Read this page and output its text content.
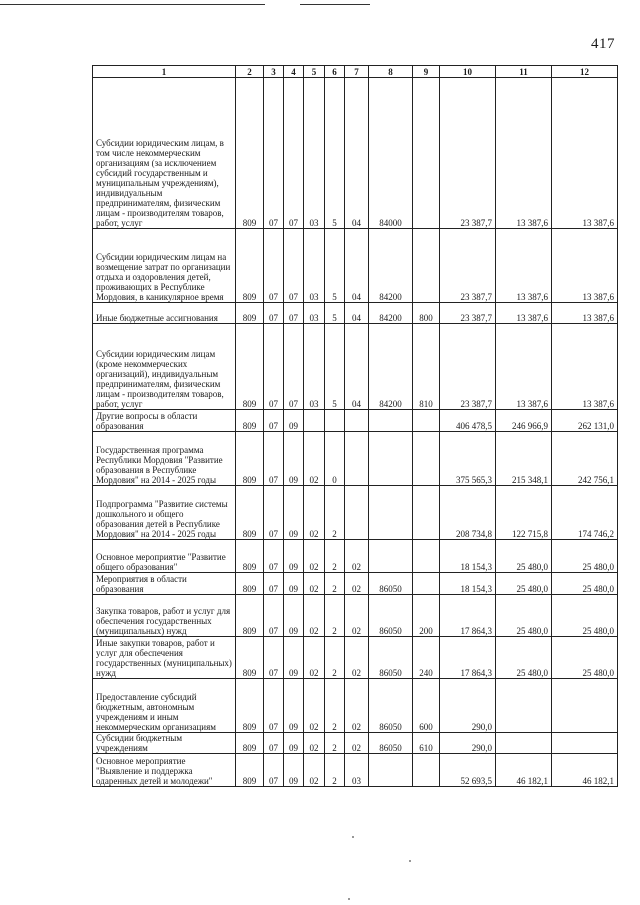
417
1	2	3	4	5	6	7	8	9	10	11	12
Субсидии юридическим лицам, в том числе некоммерческим организациям (за исключением субсидий государственным и муниципальным учреждениям), индивидуальным предпринимателям, физическим лицам - производителям товаров, работ, услуг	809	07	07	03	5	04	84000		23 387,7	13 387,6	13 387,6
Субсидии юридическим лицам на возмещение затрат по организации отдыха и оздоровления детей, проживающих в Республике Мордовия, в каникулярное время	809	07	07	03	5	04	84200		23 387,7	13 387,6	13 387,6
Иные бюджетные ассигнования	809	07	07	03	5	04	84200	800	23 387,7	13 387,6	13 387,6
Субсидии юридическим лицам (кроме некоммерческих организаций), индивидуальным предпринимателям, физическим лицам - производителям товаров, работ, услуг	809	07	07	03	5	04	84200	810	23 387,7	13 387,6	13 387,6
Другие вопросы в области образования	809	07	09						406 478,5	246 966,9	262 131,0
Государственная программа Республики Мордовия "Развитие образования в Республике Мордовия" на 2014 - 2025 годы	809	07	09	02	0				375 565,3	215 348,1	242 756,1
Подпрограмма "Развитие системы дошкольного и общего образования детей в Республике Мордовия" на 2014 - 2025 годы	809	07	09	02	2				208 734,8	122 715,8	174 746,2
Основное мероприятие "Развитие общего образования"	809	07	09	02	2	02			18 154,3	25 480,0	25 480,0
Мероприятия в области образования	809	07	09	02	2	02	86050		18 154,3	25 480,0	25 480,0
Закупка товаров, работ и услуг для обеспечения государственных (муниципальных) нужд	809	07	09	02	2	02	86050	200	17 864,3	25 480,0	25 480,0
Иные закупки товаров, работ и услуг для обеспечения государственных (муниципальных) нужд	809	07	09	02	2	02	86050	240	17 864,3	25 480,0	25 480,0
Предоставление субсидий бюджетным, автономным учреждениям и иным некоммерческим организациям	809	07	09	02	2	02	86050	600	290,0		
Субсидии бюджетным учреждениям	809	07	09	02	2	02	86050	610	290,0		
Основное мероприятие "Выявление и поддержка одаренных детей и молодежи"	809	07	09	02	2	03			52 693,5	46 182,1	46 182,1
